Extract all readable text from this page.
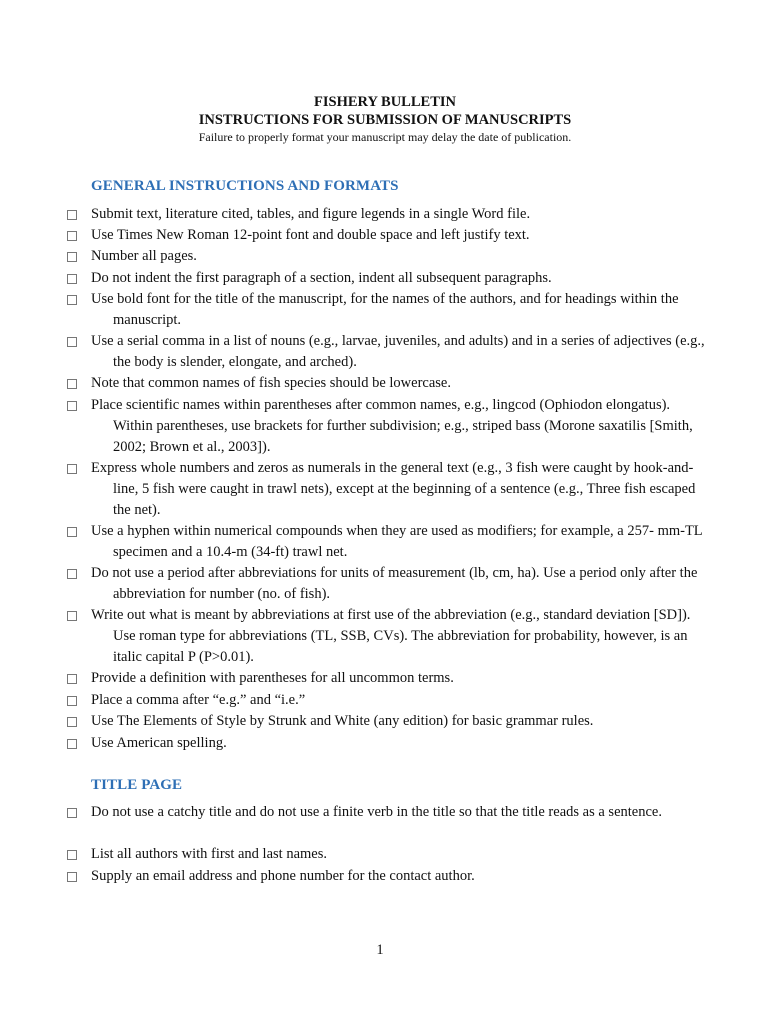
FISHERY BULLETIN
INSTRUCTIONS FOR SUBMISSION OF MANUSCRIPTS
Failure to properly format your manuscript may delay the date of publication.
GENERAL INSTRUCTIONS AND FORMATS
Submit text, literature cited, tables, and figure legends in a single Word file.
Use Times New Roman 12-point font and double space and left justify text.
Number all pages.
Do not indent the first paragraph of a section, indent all subsequent paragraphs.
Use bold font for the title of the manuscript, for the names of the authors, and for headings within the manuscript.
Use a serial comma in a list of nouns (e.g., larvae, juveniles, and adults) and in a series of adjectives (e.g., the body is slender, elongate, and arched).
Note that common names of fish species should be lowercase.
Place scientific names within parentheses after common names, e.g., lingcod (Ophiodon elongatus). Within parentheses, use brackets for further subdivision; e.g., striped bass (Morone saxatilis [Smith, 2002; Brown et al., 2003]).
Express whole numbers and zeros as numerals in the general text (e.g., 3 fish were caught by hook-and-line, 5 fish were caught in trawl nets), except at the beginning of a sentence (e.g., Three fish escaped the net).
Use a hyphen within numerical compounds when they are used as modifiers; for example, a 257- mm-TL specimen and a 10.4-m (34-ft) trawl net.
Do not use a period after abbreviations for units of measurement (lb, cm, ha). Use a period only after the abbreviation for number (no. of fish).
Write out what is meant by abbreviations at first use of the abbreviation (e.g., standard deviation [SD]). Use roman type for abbreviations (TL, SSB, CVs). The abbreviation for probability, however, is an italic capital P (P>0.01).
Provide a definition with parentheses for all uncommon terms.
Place a comma after “e.g.” and “i.e.”
Use The Elements of Style by Strunk and White (any edition) for basic grammar rules.
Use American spelling.
TITLE PAGE
Do not use a catchy title and do not use a finite verb in the title so that the title reads as a sentence.
List all authors with first and last names.
Supply an email address and phone number for the contact author.
1
